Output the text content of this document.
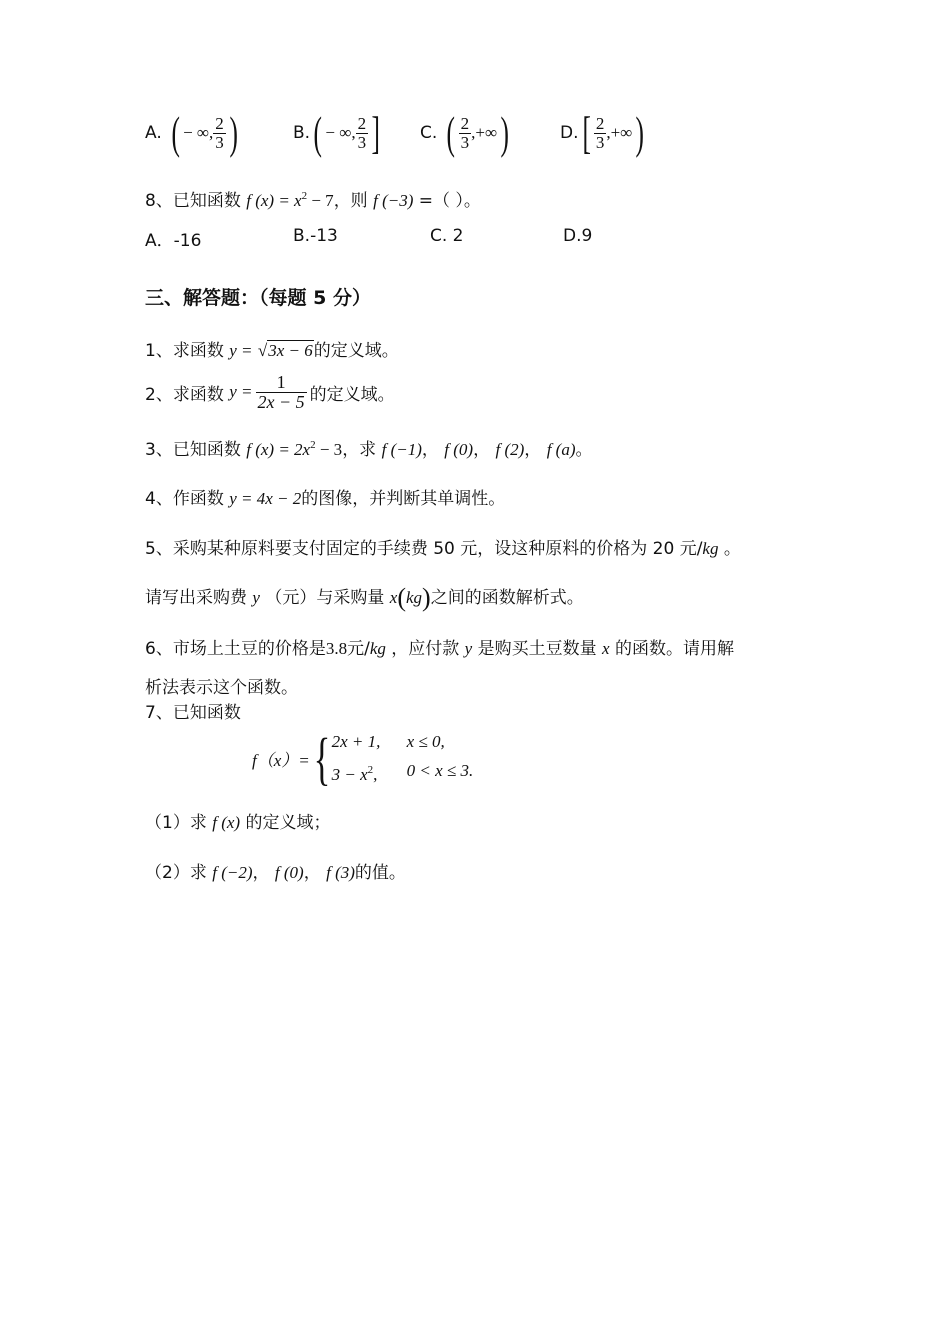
A. ( − ∞, $\frac{2}{3}$ )	B. ( − ∞, $\frac{2}{3}$ ] C. ( $\frac{2}{3}$ ,+∞ )	D. [ $\frac{2}{3}$ ,+∞ )
8、已知函数 f $(x) = x^2 - 7$，则 f (−3) =（ ）。
A．-16	B.-13	C. 2	D.9
三、解答题：（每题 5 分）
1、求函数 y = √3x − 6的定义域。
2、求函数
$y = \frac{1}{2x - 5}$ 的定义域。
3、已知函数 f $(x) = 2x^2 - 3$，求 f (−1)， f (0)， f (2)， f (a)。
4、作函数 y = 4x − 2的图像，并判断其单调性。
5、采购某种原料要支付固定的手续费 50 元，设这种原料的价格为 20 元/kg 。
请写出采购费 y （元）与采购量 x(kg)之间的函数解析式。
6、市场上土豆的价格是3.8元/kg ，应付款 y 是购买土豆数量 x 的函数。请用解
析法表示这个函数。
7、已知函数
f（x）= { 2x + 1,	x ≤ 0,
$3 - x^2$,	0 < x ≤ 3.
（1）求 f (x) 的定义域；
（2）求 f (−2)， f (0)， f (3)的值。
